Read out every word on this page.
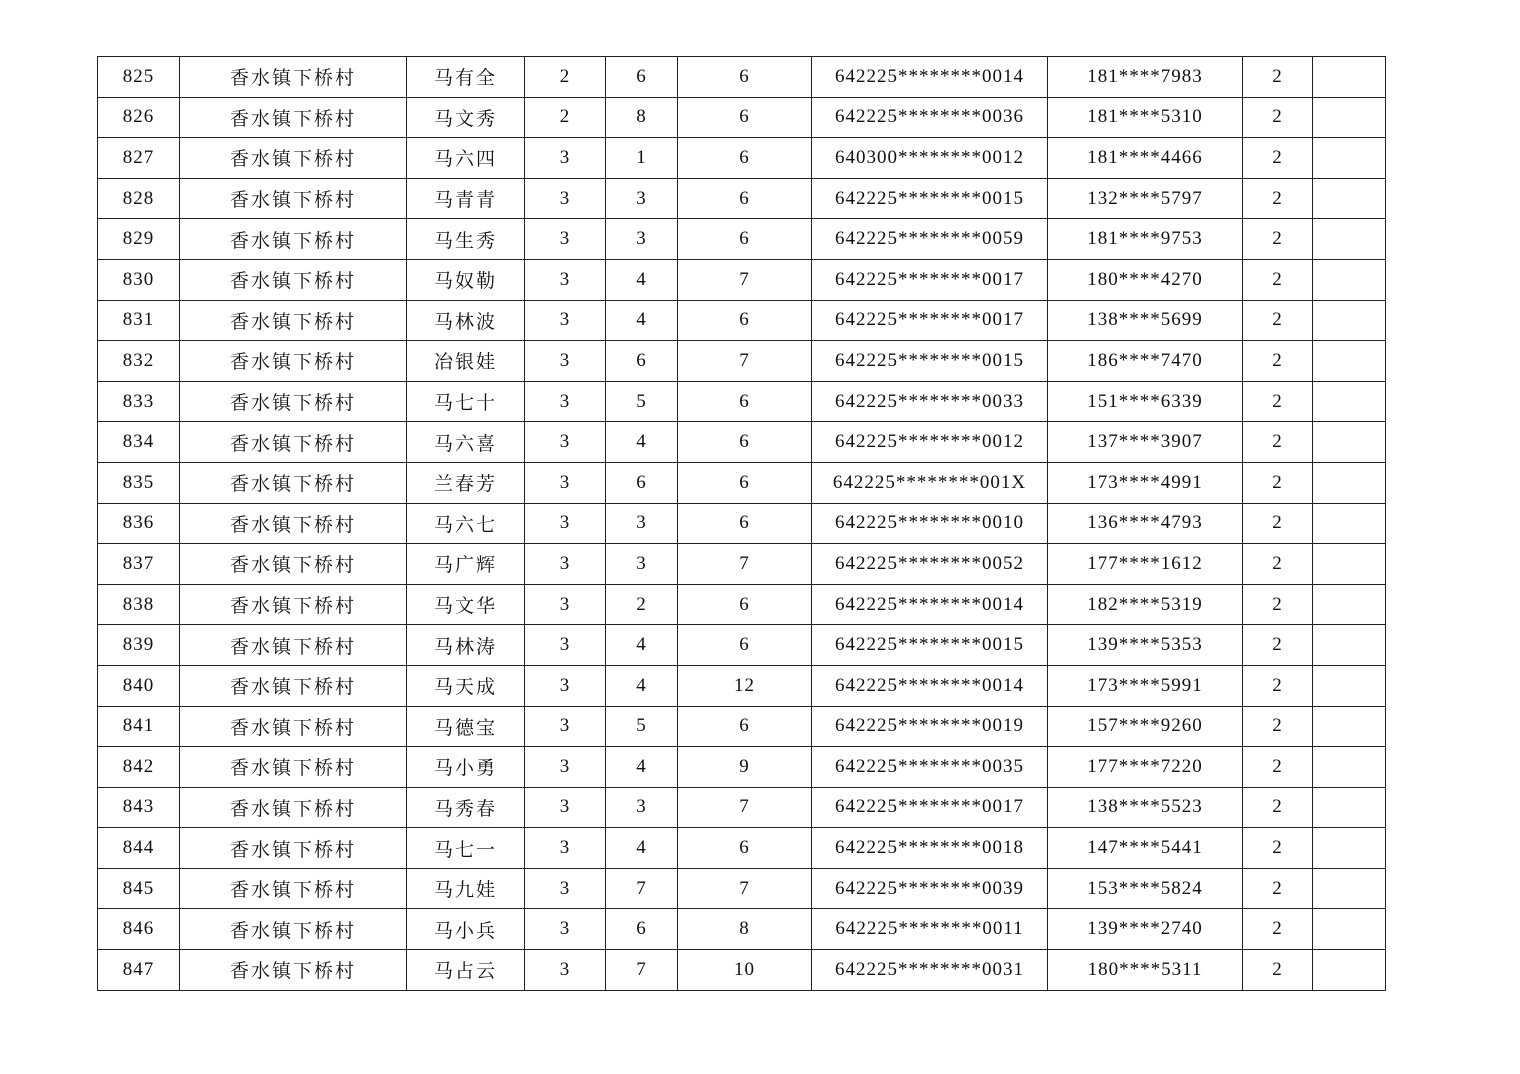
825	香水镇下桥村	马有全	2	6	6	642225********0014	181****7983	2	
826	香水镇下桥村	马文秀	2	8	6	642225********0036	181****5310	2	
827	香水镇下桥村	马六四	3	1	6	640300********0012	181****4466	2	
828	香水镇下桥村	马青青	3	3	6	642225********0015	132****5797	2	
829	香水镇下桥村	马生秀	3	3	6	642225********0059	181****9753	2	
830	香水镇下桥村	马奴勒	3	4	7	642225********0017	180****4270	2	
831	香水镇下桥村	马林波	3	4	6	642225********0017	138****5699	2	
832	香水镇下桥村	冶银娃	3	6	7	642225********0015	186****7470	2	
833	香水镇下桥村	马七十	3	5	6	642225********0033	151****6339	2	
834	香水镇下桥村	马六喜	3	4	6	642225********0012	137****3907	2	
835	香水镇下桥村	兰春芳	3	6	6	642225********001X	173****4991	2	
836	香水镇下桥村	马六七	3	3	6	642225********0010	136****4793	2	
837	香水镇下桥村	马广辉	3	3	7	642225********0052	177****1612	2	
838	香水镇下桥村	马文华	3	2	6	642225********0014	182****5319	2	
839	香水镇下桥村	马林涛	3	4	6	642225********0015	139****5353	2	
840	香水镇下桥村	马天成	3	4	12	642225********0014	173****5991	2	
841	香水镇下桥村	马德宝	3	5	6	642225********0019	157****9260	2	
842	香水镇下桥村	马小勇	3	4	9	642225********0035	177****7220	2	
843	香水镇下桥村	马秀春	3	3	7	642225********0017	138****5523	2	
844	香水镇下桥村	马七一	3	4	6	642225********0018	147****5441	2	
845	香水镇下桥村	马九娃	3	7	7	642225********0039	153****5824	2	
846	香水镇下桥村	马小兵	3	6	8	642225********0011	139****2740	2	
847	香水镇下桥村	马占云	3	7	10	642225********0031	180****5311	2	
